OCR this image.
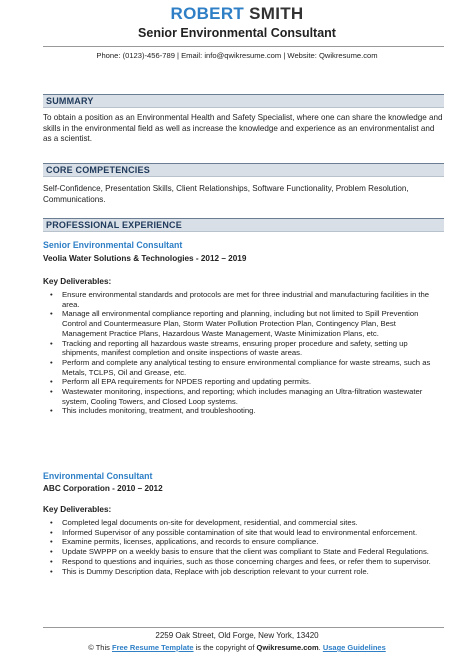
ROBERT SMITH
Senior Environmental Consultant
Phone: (0123)-456-789 | Email: info@qwikresume.com | Website: Qwikresume.com
SUMMARY
To obtain a position as an Environmental Health and Safety Specialist, where one can share the knowledge and skills in the environmental field as well as increase the knowledge and experience as an environmentalist and as a scientist.
CORE COMPETENCIES
Self-Confidence, Presentation Skills, Client Relationships, Software Functionality, Problem Resolution, Communications.
PROFESSIONAL EXPERIENCE
Senior Environmental Consultant
Veolia Water Solutions & Technologies - 2012 – 2019
Key Deliverables:
• Ensure environmental standards and protocols are met for three industrial and manufacturing facilities in the area.
• Manage all environmental compliance reporting and planning, including but not limited to Spill Prevention Control and Countermeasure Plan, Storm Water Pollution Protection Plan, Contingency Plan, Best Management Practice Plans, Hazardous Waste Management, Waste Minimization Plans, etc.
• Tracking and reporting all hazardous waste streams, ensuring proper procedure and safety, setting up shipments, manifest completion and onsite inspections of waste areas.
• Perform and complete any analytical testing to ensure environmental compliance for waste streams, such as Metals, TCLPS, Oil and Grease, etc.
• Perform all EPA requirements for NPDES reporting and updating permits.
• Wastewater monitoring, inspections, and reporting; which includes managing an Ultra-filtration wastewater system, Cooling Towers, and Closed Loop systems.
• This includes monitoring, treatment, and troubleshooting.
Environmental Consultant
ABC Corporation - 2010 – 2012
Key Deliverables:
• Completed legal documents on-site for development, residential, and commercial sites.
• Informed Supervisor of any possible contamination of site that would lead to environmental enforcement.
• Examine permits, licenses, applications, and records to ensure compliance.
• Update SWPPP on a weekly basis to ensure that the client was compliant to State and Federal Regulations.
• Respond to questions and inquiries, such as those concerning charges and fees, or refer them to supervisor.
• This is Dummy Description data, Replace with job description relevant to your current role.
2259 Oak Street, Old Forge, New York, 13420
© This Free Resume Template is the copyright of Qwikresume.com. Usage Guidelines
